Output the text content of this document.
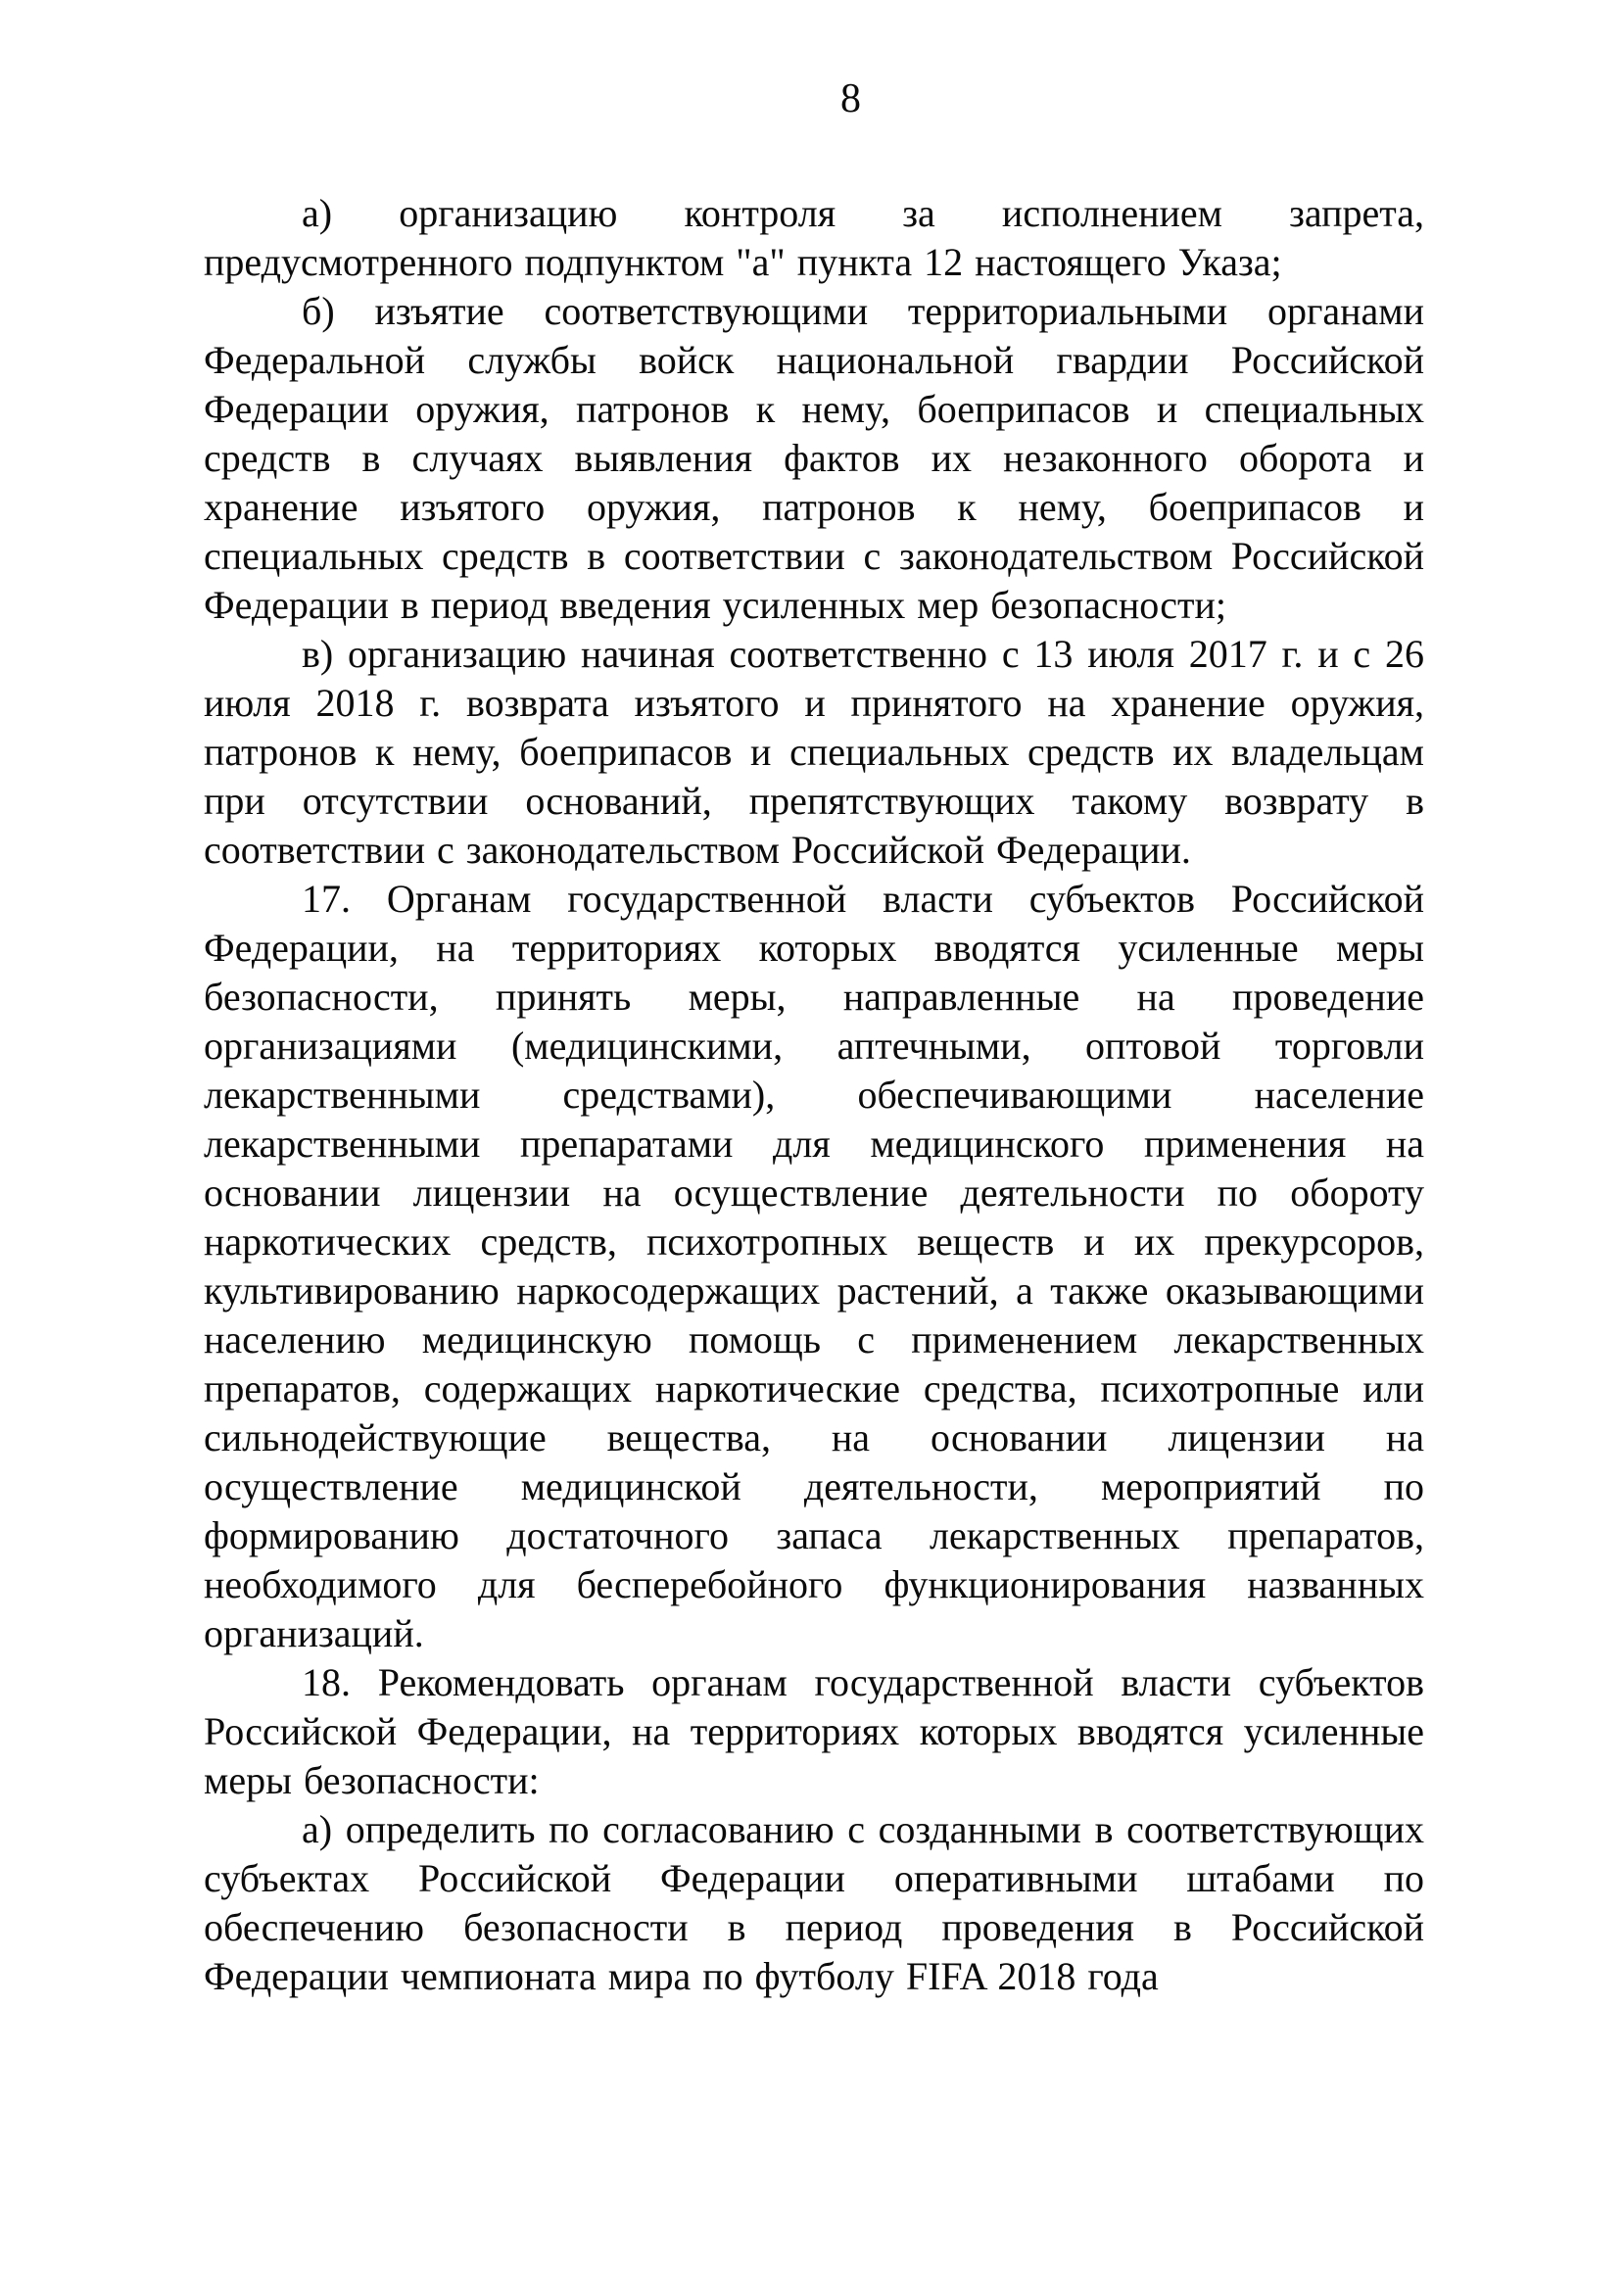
8

а) организацию контроля за исполнением запрета, предусмотренного подпунктом "а" пункта 12 настоящего Указа;

б) изъятие соответствующими территориальными органами Федеральной службы войск национальной гвардии Российской Федерации оружия, патронов к нему, боеприпасов и специальных средств в случаях выявления фактов их незаконного оборота и хранение изъятого оружия, патронов к нему, боеприпасов и специальных средств в соответствии с законодательством Российской Федерации в период введения усиленных мер безопасности;

в) организацию начиная соответственно с 13 июля 2017 г. и с 26 июля 2018 г. возврата изъятого и принятого на хранение оружия, патронов к нему, боеприпасов и специальных средств их владельцам при отсутствии оснований, препятствующих такому возврату в соответствии с законодательством Российской Федерации.

17. Органам государственной власти субъектов Российской Федерации, на территориях которых вводятся усиленные меры безопасности, принять меры, направленные на проведение организациями (медицинскими, аптечными, оптовой торговли лекарственными средствами), обеспечивающими население лекарственными препаратами для медицинского применения на основании лицензии на осуществление деятельности по обороту наркотических средств, психотропных веществ и их прекурсоров, культивированию наркосодержащих растений, а также оказывающими населению медицинскую помощь с применением лекарственных препаратов, содержащих наркотические средства, психотропные или сильнодействующие вещества, на основании лицензии на осуществление медицинской деятельности, мероприятий по формированию достаточного запаса лекарственных препаратов, необходимого для бесперебойного функционирования названных организаций.

18. Рекомендовать органам государственной власти субъектов Российской Федерации, на территориях которых вводятся усиленные меры безопасности:

а) определить по согласованию с созданными в соответствующих субъектах Российской Федерации оперативными штабами по обеспечению безопасности в период проведения в Российской Федерации чемпионата мира по футболу FIFA 2018 года
